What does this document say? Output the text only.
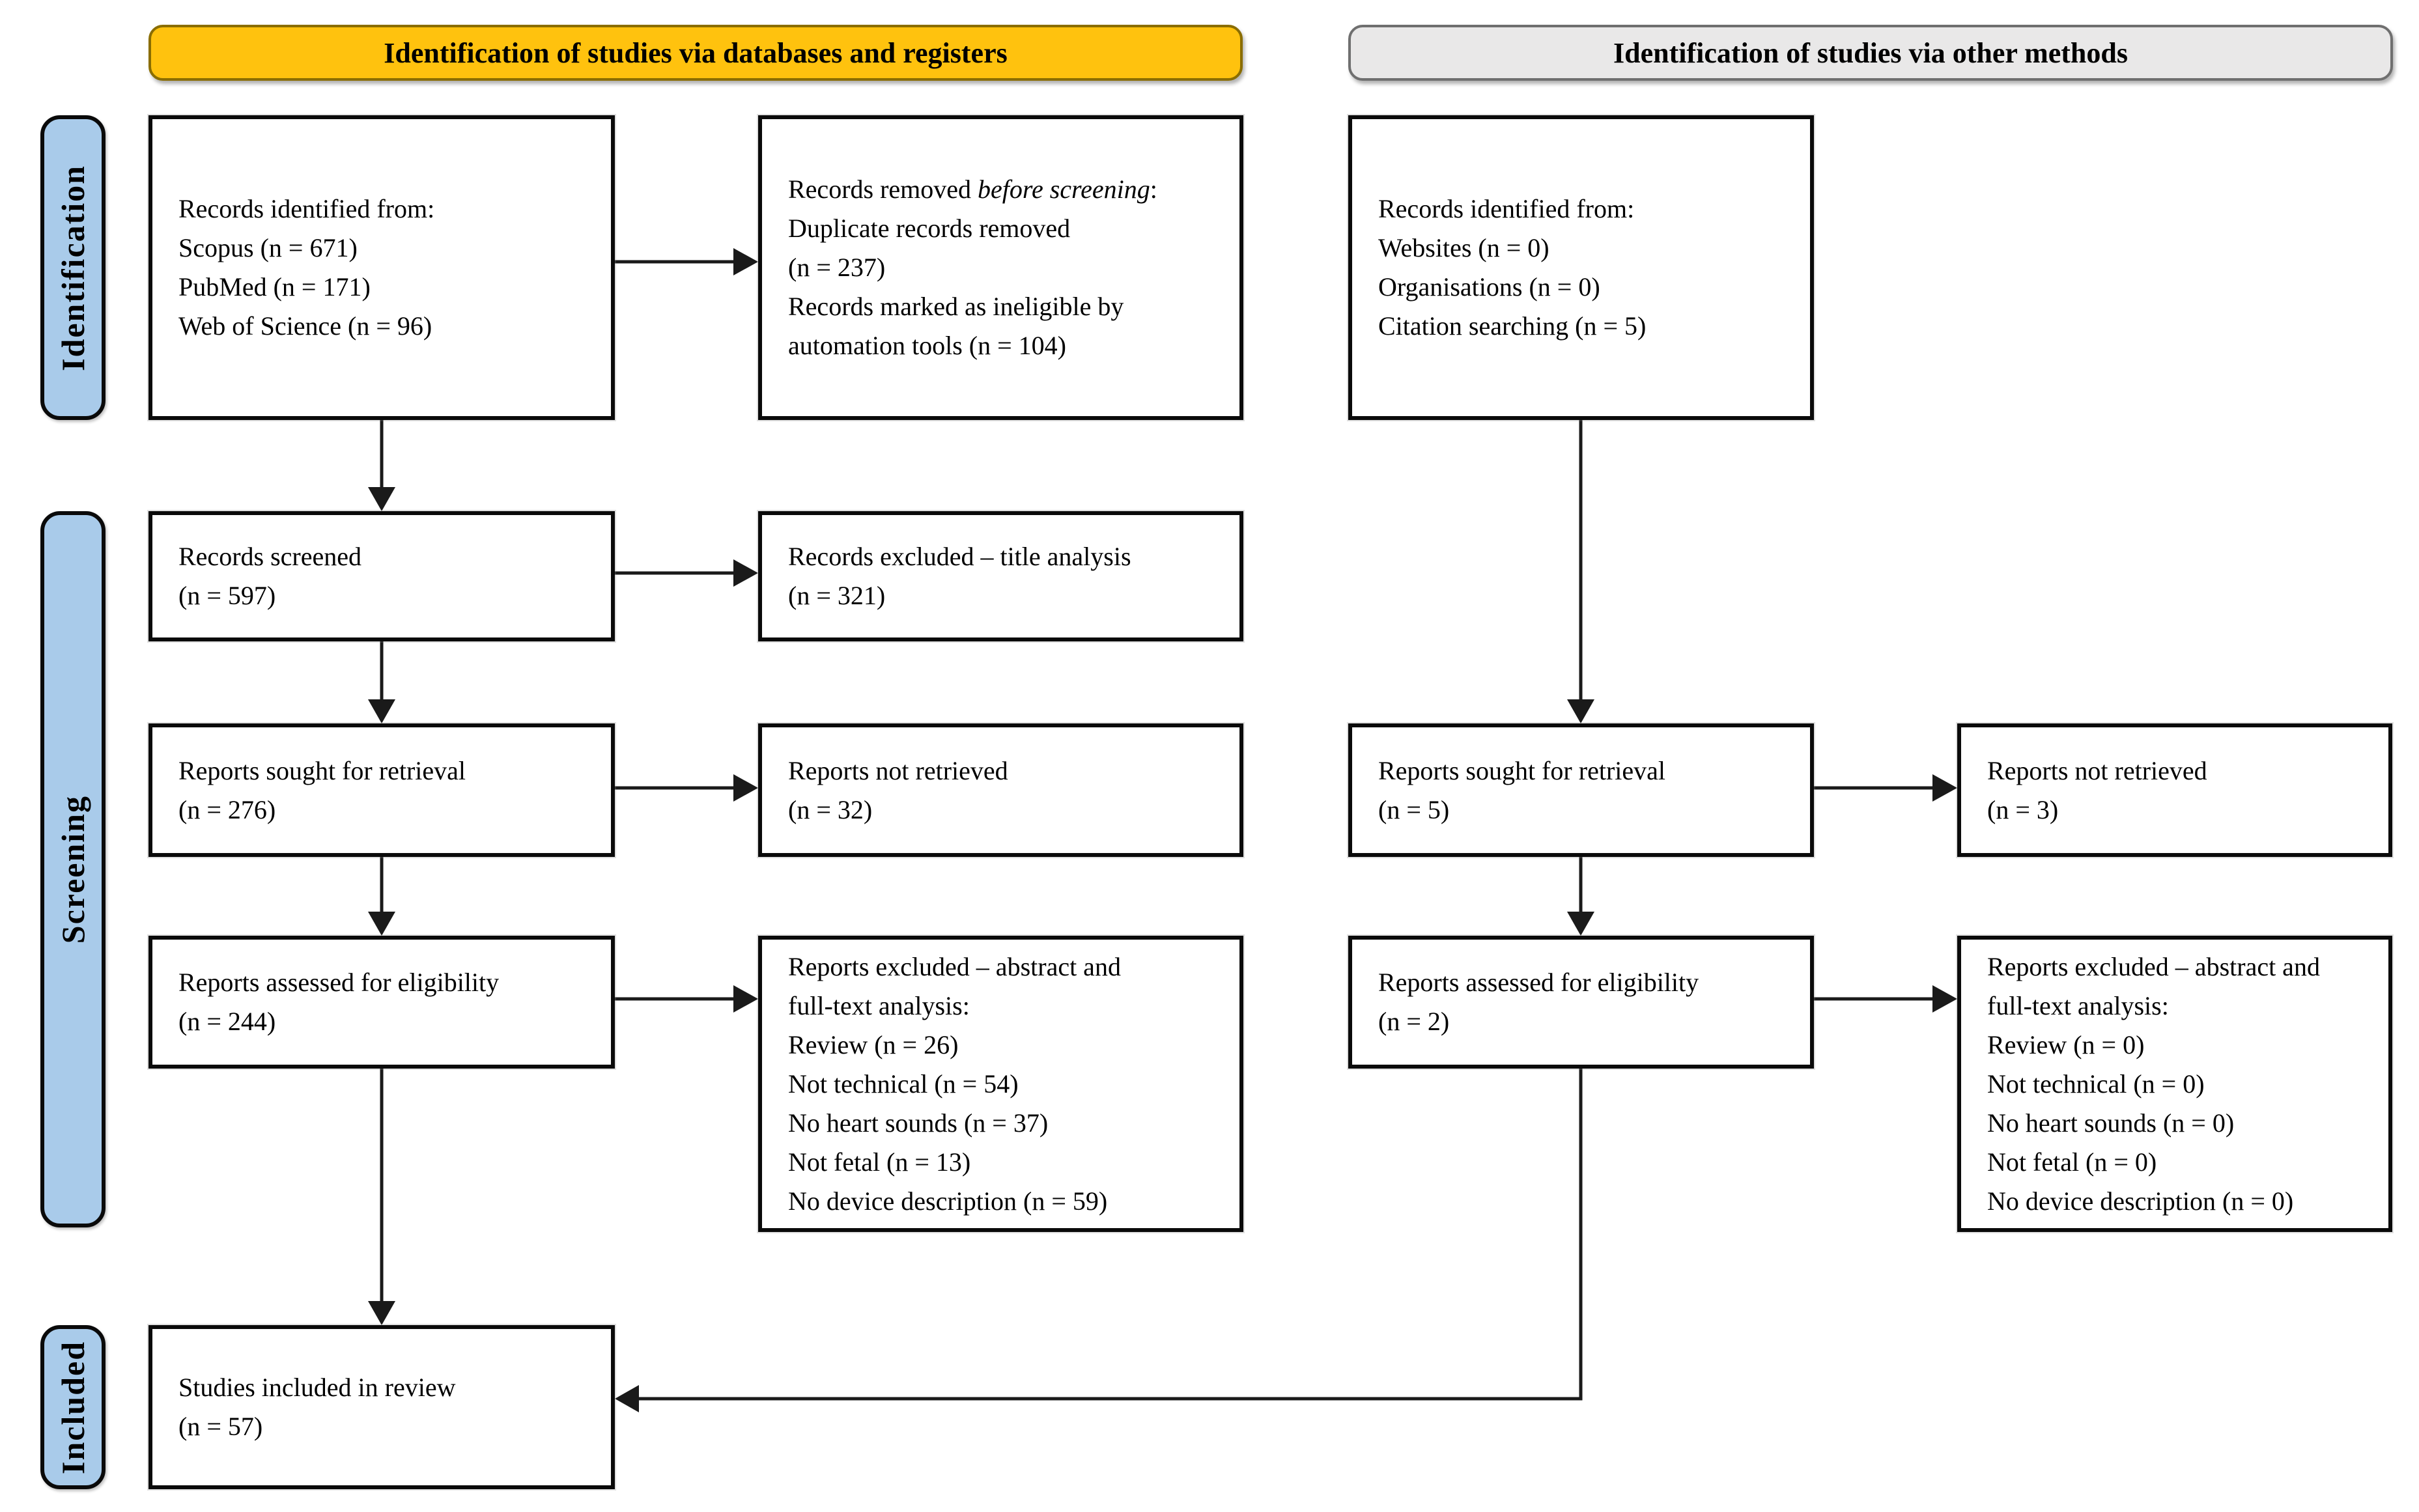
Identification of studies via databases and registers	Identification of studies via other methods
Identification
Screening
Included
Records identified from:
Scopus (n = 671)
PubMed (n = 171)
Web of Science (n = 96)
Records removed before screening:
Duplicate records removed
(n = 237)
Records marked as ineligible by
automation tools (n = 104)
Records identified from:
Websites (n = 0)
Organisations (n = 0)
Citation searching (n = 5)
Records screened
(n = 597)
Records excluded – title analysis
(n = 321)
Reports sought for retrieval
(n = 276)
Reports not retrieved
(n = 32)
Reports sought for retrieval
(n = 5)
Reports not retrieved
(n = 3)
Reports assessed for eligibility
(n = 244)
Reports excluded – abstract and
full-text analysis:
Review (n = 26)
Not technical (n = 54)
No heart sounds (n = 37)
Not fetal (n = 13)
No device description (n = 59)
Reports assessed for eligibility
(n = 2)
Reports excluded – abstract and
full-text analysis:
Review (n = 0)
Not technical (n = 0)
No heart sounds (n = 0)
Not fetal (n = 0)
No device description (n = 0)
Studies included in review
(n = 57)
